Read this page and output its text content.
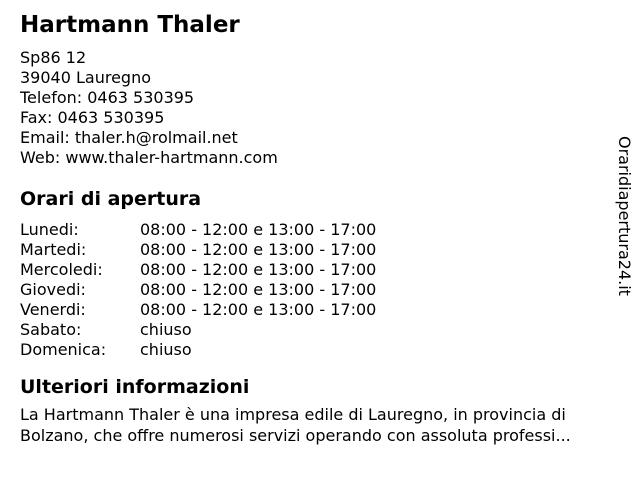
Hartmann Thaler
Sp86 12
39040 Lauregno
Telefon: 0463 530395
Fax: 0463 530395
Email: thaler.h@rolmail.net
Web: www.thaler-hartmann.com
Orari di apertura
Lunedi:	08:00 - 12:00 e 13:00 - 17:00
Martedi:	08:00 - 12:00 e 13:00 - 17:00
Mercoledi:	08:00 - 12:00 e 13:00 - 17:00
Giovedi:	08:00 - 12:00 e 13:00 - 17:00
Venerdi:	08:00 - 12:00 e 13:00 - 17:00
Sabato:	chiuso
Domenica:	chiuso
Ulteriori informazioni

La Hartmann Thaler è una impresa edile di Lauregno, in provincia di Bolzano, che offre numerosi servizi operando con assoluta professi...

Oraridiapertura24.it
